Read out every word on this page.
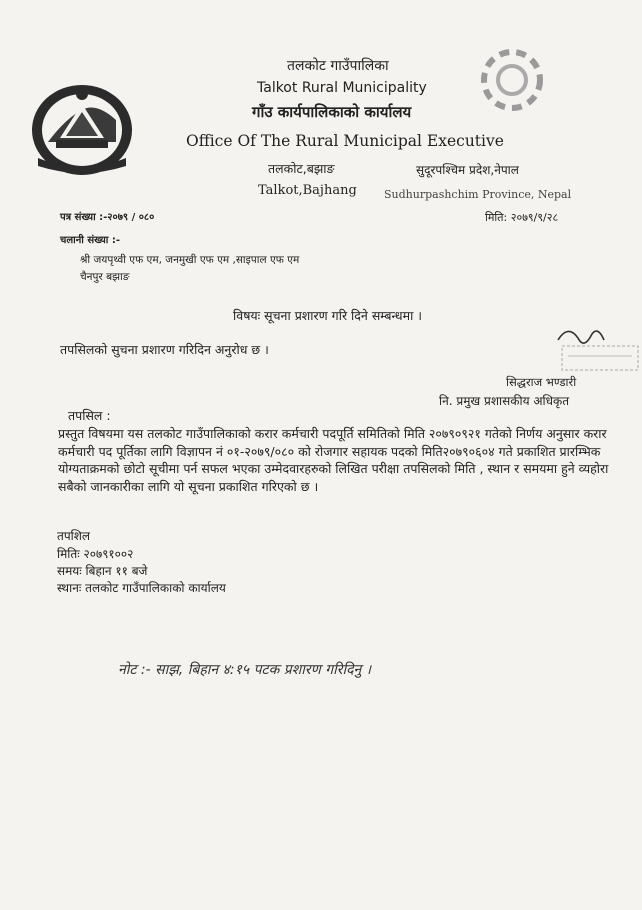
तलकोट गाउँपालिका
Talkot Rural Municipality
गाँउ कार्यपालिकाको कार्यालय
Office Of The Rural Municipal Executive
तलकोट,बझाङ	सुदूरपश्चिम प्रदेश,नेपाल
Talkot,Bajhang Sudhurpashchim Province, Nepal
पत्र संख्या :-२०७९ / ०८०	मिति: २०७९/९/२८
चलानी संख्या :-
श्री जयपृथ्वी एफ एम, जनमुखी एफ एम ,साइपाल एफ एम
चैनपुर बझाङ
विषयः सूचना प्रशारण गरि दिने सम्बन्धमा ।
तपसिलको सुचना प्रशारण गरिदिन अनुरोध छ ।
सिद्धराज भण्डारी
नि. प्रमुख प्रशासकीय अधिकृत
तपसिल :
प्रस्तुत विषयमा यस तलकोट गाउँपालिकाको करार कर्मचारी पदपूर्ति समितिको मिति २०७९०९२१ गतेको निर्णय अनुसार करार कर्मचारी पद पूर्तिका लागि विज्ञापन नं ०१-२०७९/०८० को रोजगार सहायक पदको मिति२०७९०६०४ गते प्रकाशित प्रारम्भिक योग्यताक्रमको छोटो सूचीमा पर्न सफल भएका उम्मेदवारहरुको लिखित परीक्षा तपसिलको मिति , स्थान र समयमा हुने व्यहोरा सबैको जानकारीका लागि यो सूचना प्रकाशित गरिएको छ ।
तपशिल
मितिः २०७९१००२
समयः बिहान ११ बजे
स्थानः तलकोट गाउँपालिकाको कार्यालय
नोट :- साझ, बिहान ४:१५ पटक प्रशारण गरिदिनु ।
